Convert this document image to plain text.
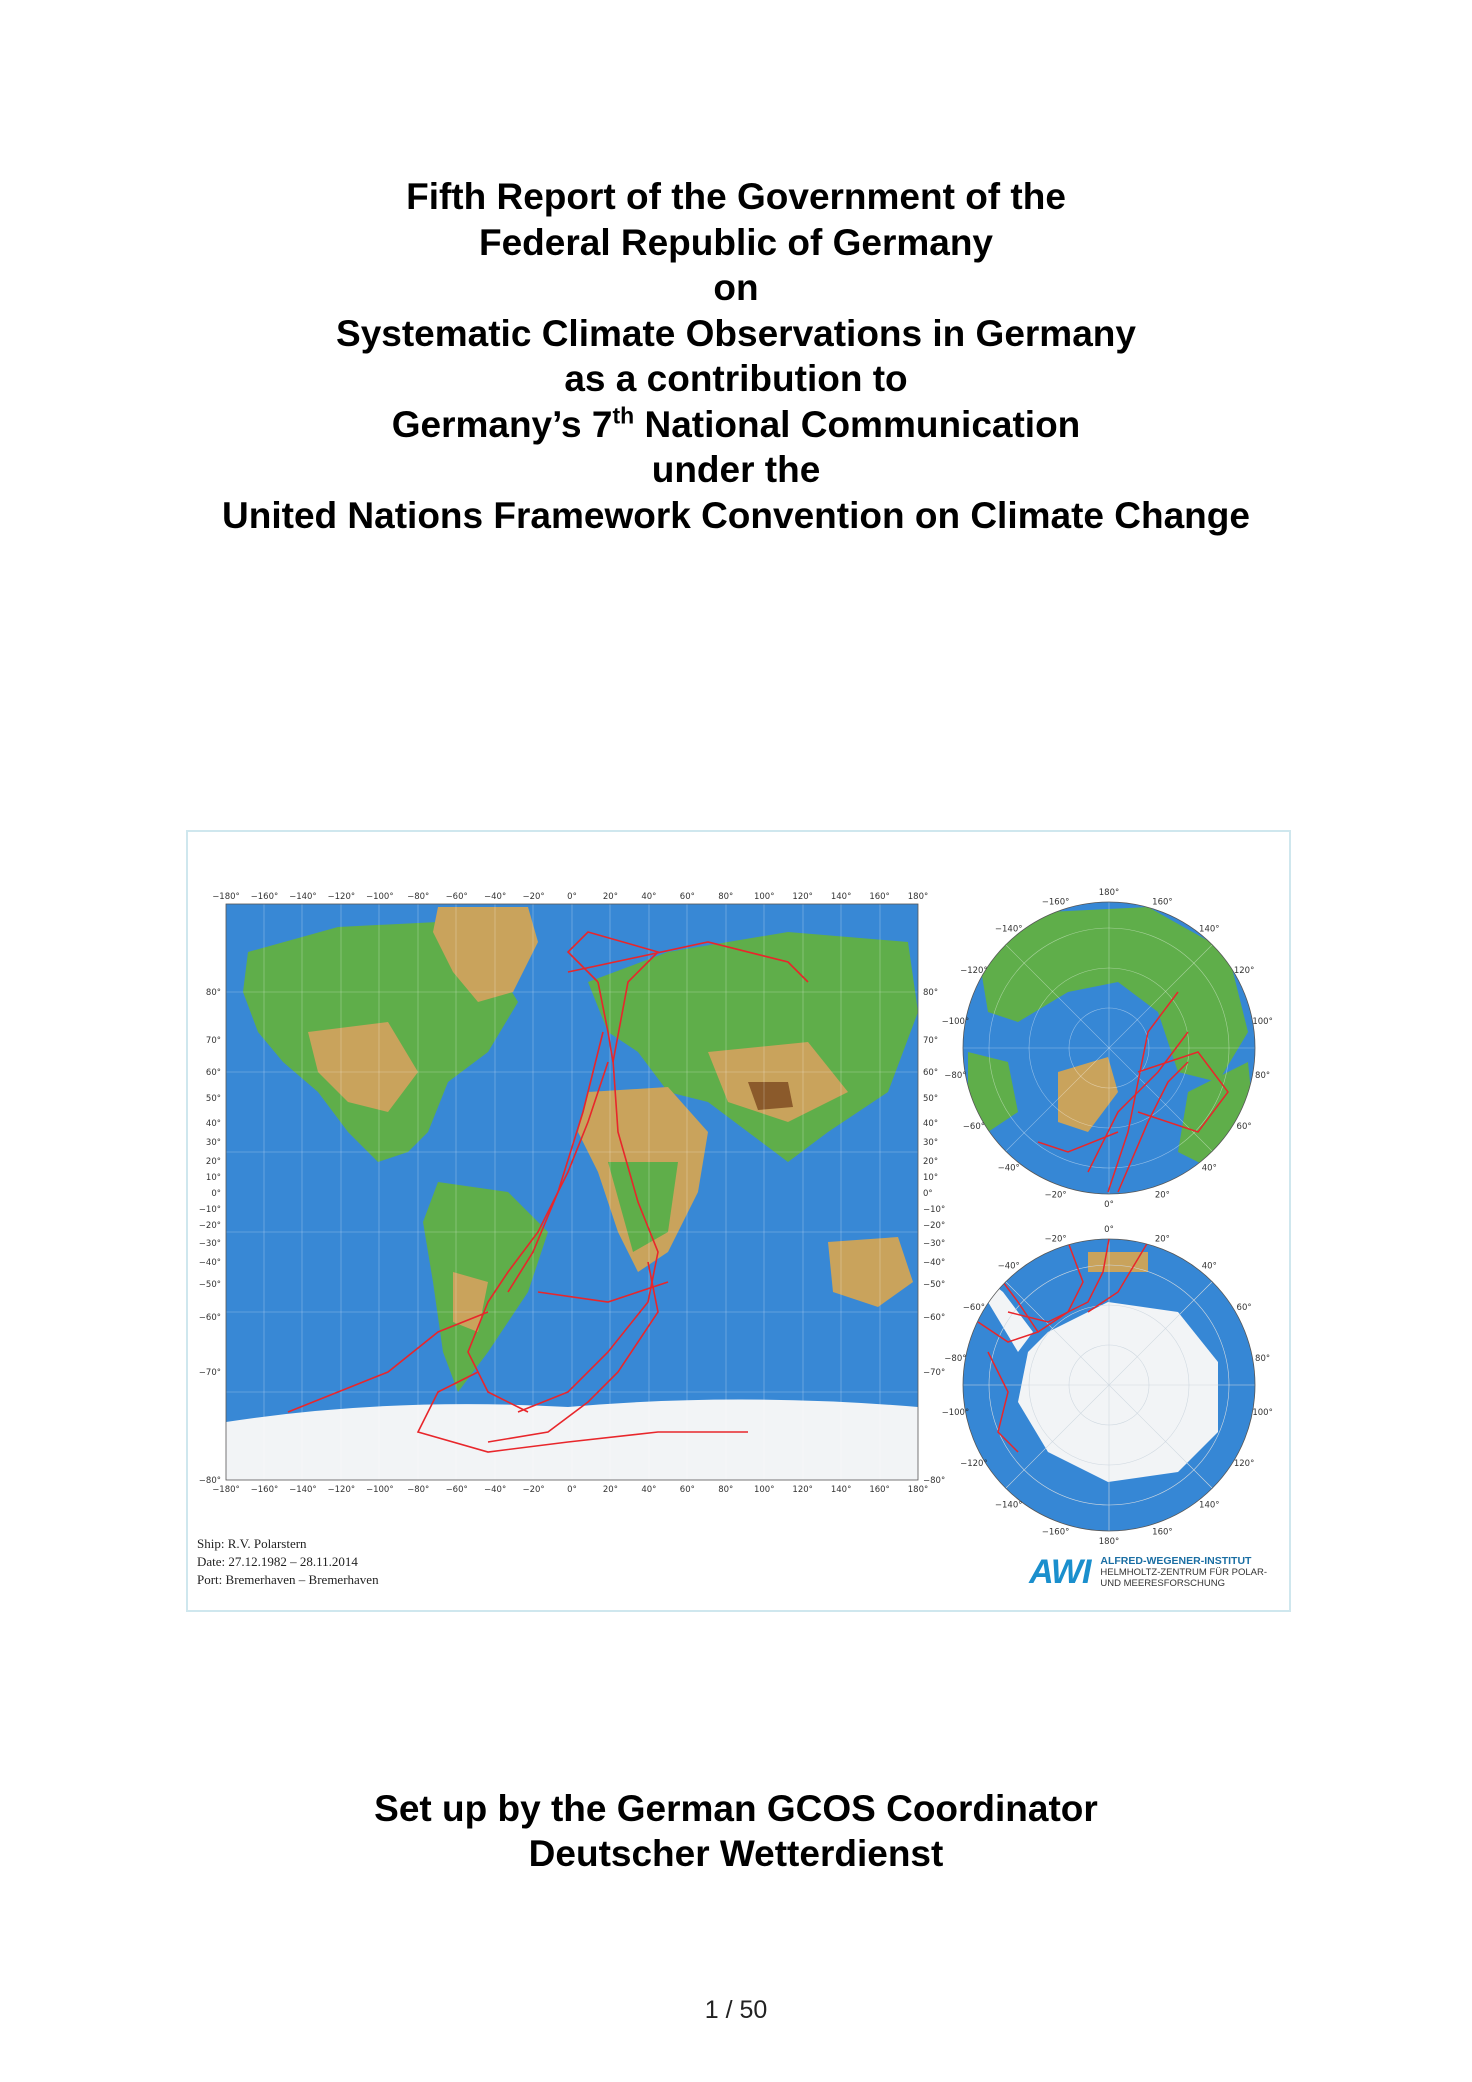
Fifth Report of the Government of the
Federal Republic of Germany
on
Systematic Climate Observations in Germany
as a contribution to
Germany’s 7th National Communication
under the
United Nations Framework Convention on Climate Change
−180° −160° −140° −120° −100° −80° −60° −40° −20°	0°	20°	40°	60°	80° 100° 120° 140° 160° 180°
−180° −160° −140° −120° −100° −80° −60° −40° −20°	0°	20°	40°	60°	80° 100° 120° 140° 160° 180°
80°
70°
60°
50°
40°
30°
20°
10°
0°
−10°
−20°
−30°
−40°
−50°
−60°
−70°
−80°
80°
70°
60°
50°
40°
30°
20°
10°
0°
−10°
−20°
−30°
−40°
−50°
−60°
−70°
−80°
180°
160°
140°
120°
100°
80°
60°
40°
20°
0°
−20°
−40°
−60°
−80°
−100°
−120°
−140°
−160°
0°
20°
40°
60°
80°
100°
120°
140°
160°
180°
−160°
−140°
−120°
−100°
−80°
−60°
−40°
−20°
Ship: R.V. Polarstern
Date: 27.12.1982 – 28.11.2014
Port: Bremerhaven – Bremerhaven	AWI ALFRED-WEGENER-INSTITUT
HELMHOLTZ-ZENTRUM FÜR POLAR-
UND MEERESFORSCHUNG
Set up by the German GCOS Coordinator
Deutscher Wetterdienst
1 / 50
